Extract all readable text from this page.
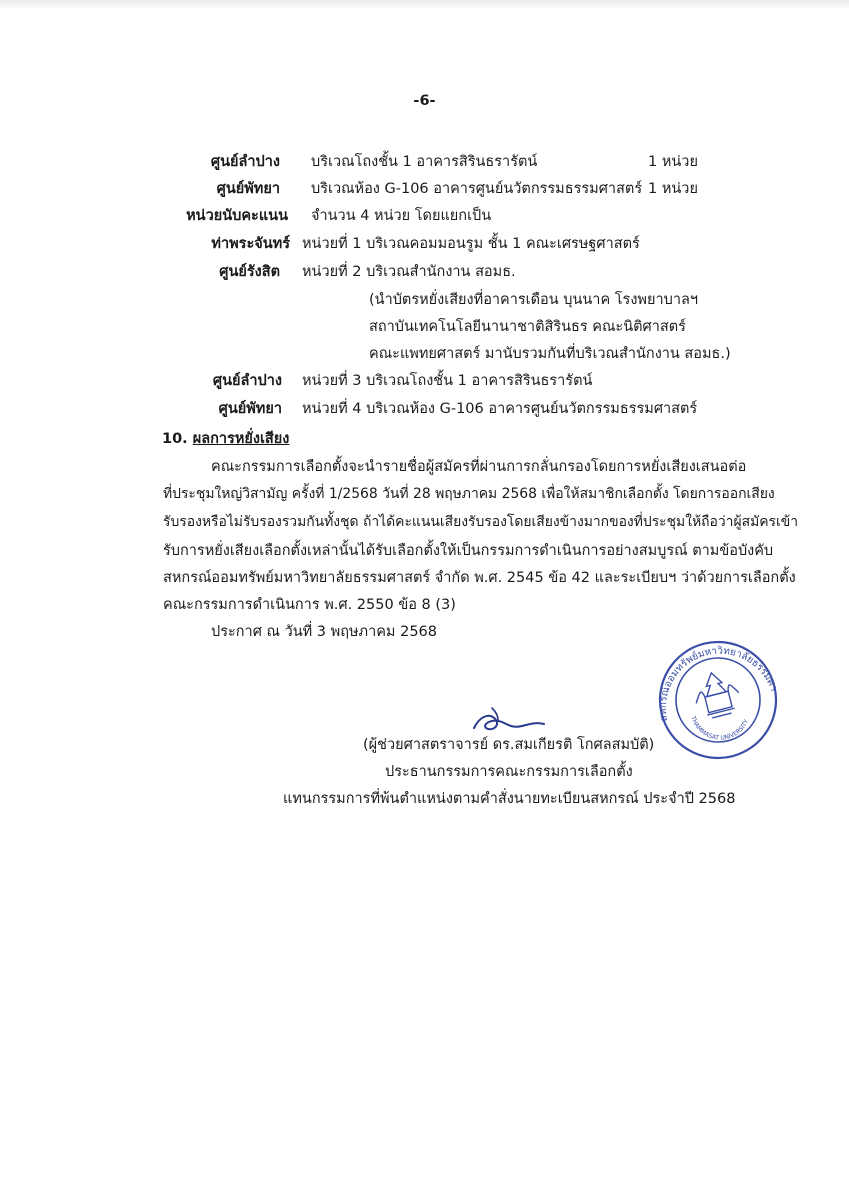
-6-
ศูนย์ลำปาง บริเวณโถงชั้น 1 อาคารสิรินธรารัตน์	1 หน่วย
ศูนย์พัทยา บริเวณห้อง G-106 อาคารศูนย์นวัตกรรมธรรมศาสตร์ 1 หน่วย
หน่วยนับคะแนน จำนวน 4 หน่วย โดยแยกเป็น
ท่าพระจันทร์ หน่วยที่ 1 บริเวณคอมมอนรูม ชั้น 1 คณะเศรษฐศาสตร์
ศูนย์รังสิต หน่วยที่ 2 บริเวณสำนักงาน สอมธ.
(นำบัตรหยั่งเสียงที่อาคารเดือน บุนนาค โรงพยาบาลฯ
สถาบันเทคโนโลยีนานาชาติสิรินธร คณะนิติศาสตร์
คณะแพทยศาสตร์ มานับรวมกันที่บริเวณสำนักงาน สอมธ.)
ศูนย์ลำปาง หน่วยที่ 3 บริเวณโถงชั้น 1 อาคารสิรินธรารัตน์
ศูนย์พัทยา หน่วยที่ 4 บริเวณห้อง G-106 อาคารศูนย์นวัตกรรมธรรมศาสตร์
10. ผลการหยั่งเสียง
คณะกรรมการเลือกตั้งจะนำรายชื่อผู้สมัครที่ผ่านการกลั่นกรองโดยการหยั่งเสียงเสนอต่อ
ที่ประชุมใหญ่วิสามัญ ครั้งที่ 1/2568 วันที่ 28 พฤษภาคม 2568 เพื่อให้สมาชิกเลือกตั้ง โดยการออกเสียง
รับรองหรือไม่รับรองรวมกันทั้งชุด ถ้าได้คะแนนเสียงรับรองโดยเสียงข้างมากของที่ประชุมให้ถือว่าผู้สมัครเข้า
รับการหยั่งเสียงเลือกตั้งเหล่านั้นได้รับเลือกตั้งให้เป็นกรรมการดำเนินการอย่างสมบูรณ์ ตามข้อบังคับ
สหกรณ์ออมทรัพย์มหาวิทยาลัยธรรมศาสตร์ จำกัด พ.ศ. 2545 ข้อ 42 และระเบียบฯ ว่าด้วยการเลือกตั้ง
คณะกรรมการดำเนินการ พ.ศ. 2550 ข้อ 8 (3)
ประกาศ ณ วันที่ 3 พฤษภาคม 2568
(ผู้ช่วยศาสตราจารย์ ดร.สมเกียรติ โกศลสมบัติ)
ประธานกรรมการคณะกรรมการเลือกตั้ง
แทนกรรมการที่พ้นตำแหน่งตามคำสั่งนายทะเบียนสหกรณ์ ประจำปี 2568
สหกรณ์ออมทรัพย์มหาวิทยาลัยธรรมศาสตร์
THAMMASAT UNIVERSITY
